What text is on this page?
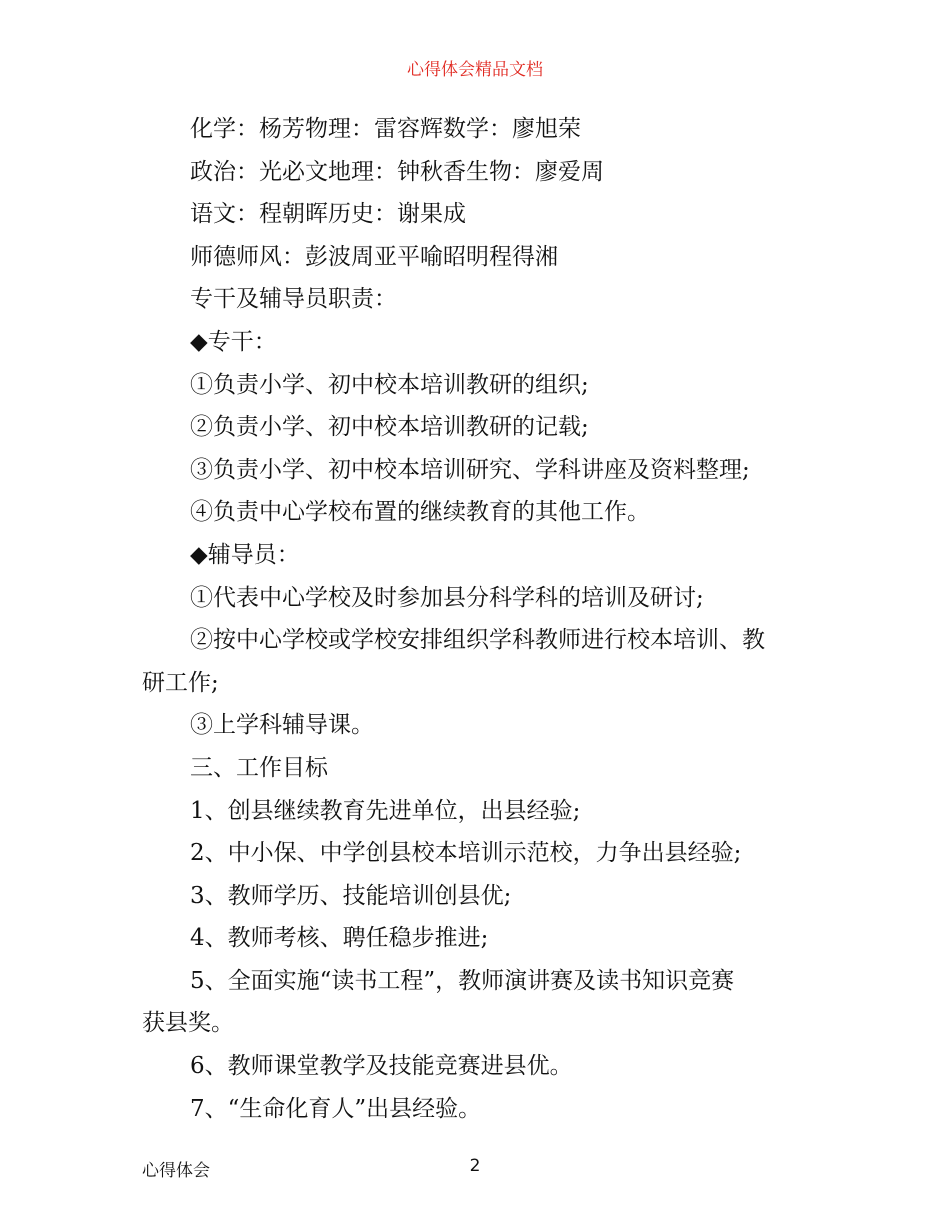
心得体会精品文档
化学：杨芳物理：雷容辉数学：廖旭荣
政治：光必文地理：钟秋香生物：廖爱周
语文：程朝晖历史：谢果成
师德师风：彭波周亚平喻昭明程得湘
专干及辅导员职责：
◆专干：
①负责小学、初中校本培训教研的组织;
②负责小学、初中校本培训教研的记载;
③负责小学、初中校本培训研究、学科讲座及资料整理;
④负责中心学校布置的继续教育的其他工作。
◆辅导员：
①代表中心学校及时参加县分科学科的培训及研讨;
②按中心学校或学校安排组织学科教师进行校本培训、教
研工作;
③上学科辅导课。
三、工作目标
1、创县继续教育先进单位，出县经验;
2、中小保、中学创县校本培训示范校，力争出县经验;
3、教师学历、技能培训创县优;
4、教师考核、聘任稳步推进;
5、全面实施“读书工程”，教师演讲赛及读书知识竞赛
获县奖。
6、教师课堂教学及技能竞赛进县优。
7、“生命化育人”出县经验。
心得体会	2
